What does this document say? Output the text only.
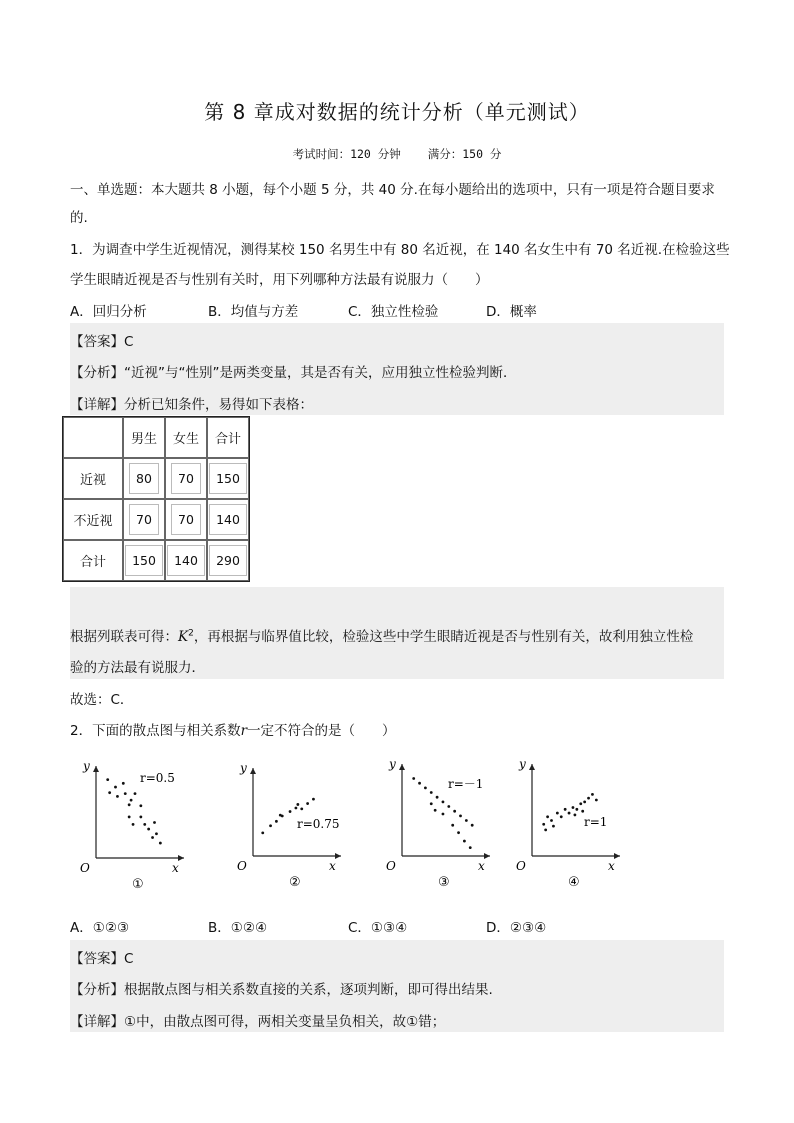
第 8 章成对数据的统计分析（单元测试）
考试时间：120 分钟 满分：150 分
一、单选题：本大题共 8 小题，每个小题 5 分，共 40 分.在每小题给出的选项中，只有一项是符合题目要求
的.
1．为调查中学生近视情况，测得某校 150 名男生中有 80 名近视，在 140 名女生中有 70 名近视.在检验这些
学生眼睛近视是否与性别有关时，用下列哪种方法最有说服力（　　）
A．回归分析	B．均值与方差	C．独立性检验	D．概率
【答案】C
【分析】“近视”与“性别”是两类变量，其是否有关，应用独立性检验判断．
【详解】分析已知条件，易得如下表格：
	男生	女生	合计
近视	80	70	150
不近视	70	70	140
合计	150	140	290
根据列联表可得：$K^2$，再根据与临界值比较，检验这些中学生眼睛近视是否与性别有关，故利用独立性检
验的方法最有说服力．
故选：C．
2．下面的散点图与相关系数r一定不符合的是（　　）
y
x
O
r=0.5
①
y
x
O
r=0.75
②
y
x
O
r=－1
③
y
x
O
r=1
④
A．①②③	B．①②④	C．①③④	D．②③④
【答案】C
【分析】根据散点图与相关系数直接的关系，逐项判断，即可得出结果.
【详解】①中，由散点图可得，两相关变量呈负相关，故①错；
